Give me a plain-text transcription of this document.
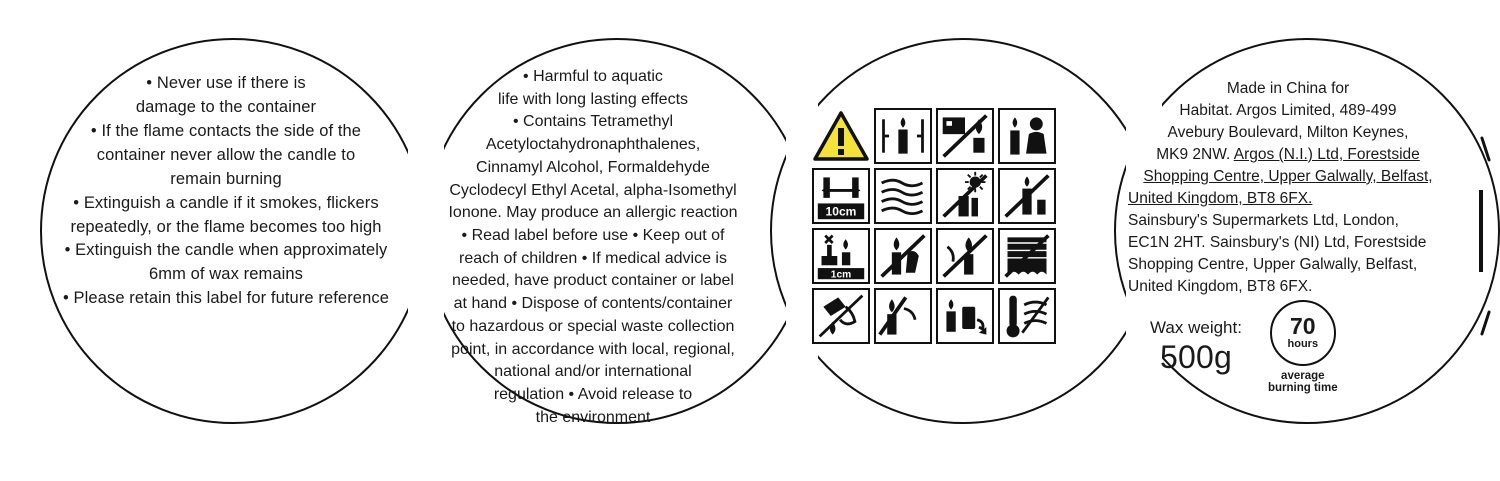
• Never use if there is

damage to the container

• If the flame contacts the side of the

container never allow the candle to

remain burning

• Extinguish a candle if it smokes, flickers

repeatedly, or the flame becomes too high

• Extinguish the candle when approximately

6mm of wax remains

• Please retain this label for future reference

• Harmful to aquatic

life with long lasting effects

• Contains Tetramethyl

Acetyloctahydronaphthalenes,

Cinnamyl Alcohol, Formaldehyde

Cyclodecyl Ethyl Acetal, alpha-Isomethyl

Ionone. May produce an allergic reaction

• Read label before use • Keep out of

reach of children • If medical advice is

needed, have product container or label

at hand • Dispose of contents/container

to hazardous or special waste collection

point, in accordance with local, regional,

national and/or international

regulation • Avoid release to

the environment

10cm
1cm

Made in China for

Habitat. Argos Limited, 489-499

Avebury Boulevard, Milton Keynes,

MK9 2NW. Argos (N.I.) Ltd, Forestside

Shopping Centre, Upper Galwally, Belfast,

United Kingdom, BT8 6FX.

Sainsbury's Supermarkets Ltd, London,

EC1N 2HT. Sainsbury's (NI) Ltd, Forestside

Shopping Centre, Upper Galwally, Belfast,

United Kingdom, BT8 6FX.

Wax weight:
500g
70
hours
average
burning time
